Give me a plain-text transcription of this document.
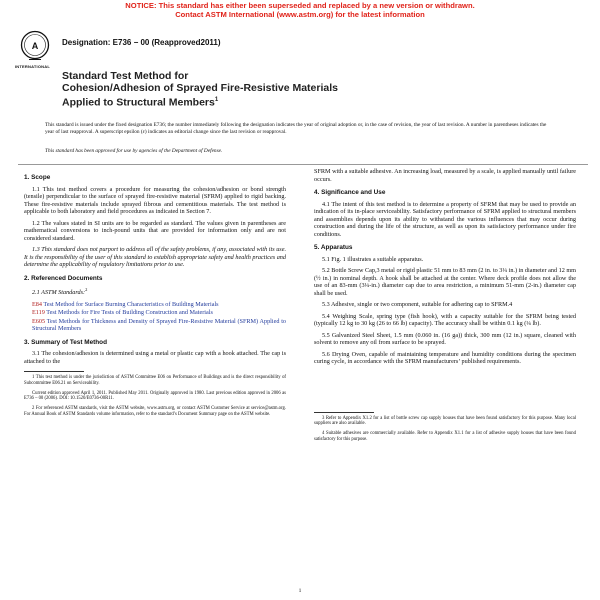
NOTICE: This standard has either been superseded and replaced by a new version or withdrawn.
Contact ASTM International (www.astm.org) for the latest information
A
INTERNATIONAL
Designation: E736 − 00 (Reapproved2011)
Standard Test Method for
Cohesion/Adhesion of Sprayed Fire-Resistive Materials
Applied to Structural Members$^1$
This standard is issued under the fixed designation E736; the number immediately following the designation indicates the year of original adoption or, in the case of revision, the year of last revision. A number in parentheses indicates the year of last reapproval. A superscript epsilon (ε) indicates an editorial change since the last revision or reapproval.
This standard has been approved for use by agencies of the Department of Defense.
1. Scope

1.1 This test method covers a procedure for measuring the cohesion/adhesion or bond strength (tensile) perpendicular to the surface of sprayed fire-resistive material (SFRM) applied to rigid backing. These fire-resistive materials include sprayed fibrous and cementitious materials. The test method is applicable to both laboratory and field procedures as indicated in Section 7.

1.2 The values stated in SI units are to be regarded as standard. The values given in parentheses are mathematical conversions to inch-pound units that are provided for information only and are not considered standard.

1.3 This standard does not purport to address all of the safety problems, if any, associated with its use. It is the responsibility of the user of this standard to establish appropriate safety and health practices and determine the applicability of regulatory limitations prior to use.

2. Referenced Documents

2.1 ASTM Standards:$^2$

E84 Test Method for Surface Burning Characteristics of Building Materials
E119 Test Methods for Fire Tests of Building Construction and Materials
E605 Test Methods for Thickness and Density of Sprayed Fire-Resistive Material (SFRM) Applied to Structural Members
3. Summary of Test Method

3.1 The cohesion/adhesion is determined using a metal or plastic cap with a hook attached. The cap is attached to the

1 This test method is under the jurisdiction of ASTM Committee E06 on Performance of Buildings and is the direct responsibility of Subcommittee E06.21 on Serviceability.

Current edition approved April 1, 2011. Published May 2011. Originally approved in 1980. Last previous edition approved in 2006 as E736 – 00 (2006). DOI: 10.1520/E0736-00R11.

2 For referenced ASTM standards, visit the ASTM website, www.astm.org, or contact ASTM Customer Service at service@astm.org. For Annual Book of ASTM Standards volume information, refer to the standard’s Document Summary page on the ASTM website.

SFRM with a suitable adhesive. An increasing load, measured by a scale, is applied manually until failure occurs.

4. Significance and Use

4.1 The intent of this test method is to determine a property of SFRM that may be used to provide an indication of its in-place serviceability. Satisfactory performance of SFRM applied to structural members and assemblies depends upon its ability to withstand the various influences that may occur during construction and during the life of the structure, as well as upon its satisfactory performance under fire conditions.

5. Apparatus

5.1 Fig. 1 illustrates a suitable apparatus.

5.2 Bottle Screw Cap,3 metal or rigid plastic 51 mm to 83 mm (2 in. to 3¼ in.) in diameter and 12 mm (½ in.) in nominal depth. A hook shall be attached at the center. Where deck profile does not allow the use of an 83-mm (3¼-in.) diameter cap due to area restriction, a minimum 51-mm (2-in.) diameter cap shall be used.

5.3 Adhesive, single or two component, suitable for adhering cap to SFRM.4

5.4 Weighing Scale, spring type (fish hook), with a capacity suitable for the SFRM being tested (typically 12 kg to 30 kg (26 to 66 lb) capacity). The accuracy shall be within 0.1 kg (¼ lb).

5.5 Galvanized Steel Sheet, 1.5 mm (0.060 in. (16 ga)) thick, 300 mm (12 in.) square, cleaned with solvent to remove any oil from surface to be sprayed.

5.6 Drying Oven, capable of maintaining temperature and humidity conditions during the specimen curing cycle, in accordance with the SFRM manufacturers’ published requirements.

3 Refer to Appendix X1.2 for a list of bottle screw cap supply houses that have been found satisfactory for this purpose. Many local suppliers are also available.

4 Suitable adhesives are commercially available. Refer to Appendix X1.1 for a list of adhesive supply houses that have been found satisfactory for this purpose.

1
